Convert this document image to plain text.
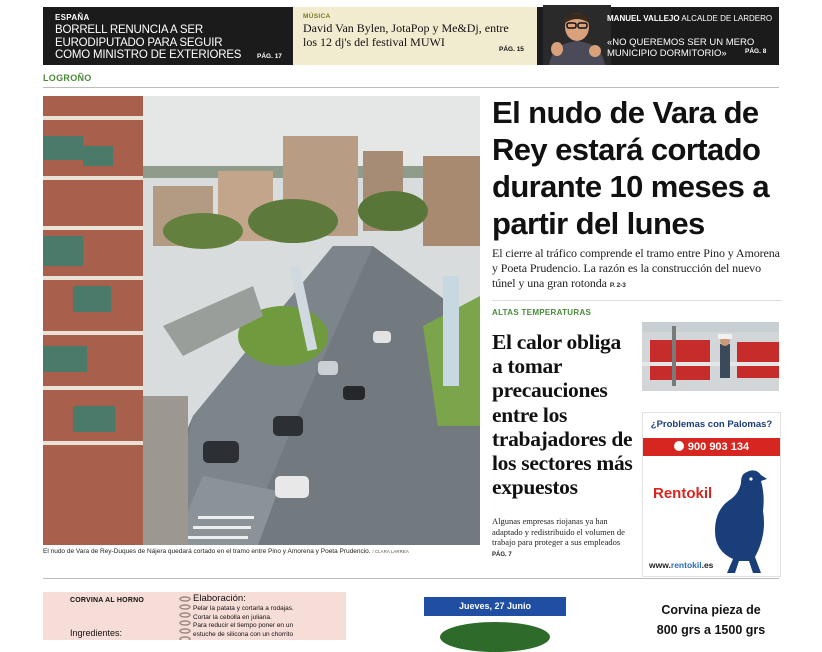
ESPAÑA
BORRELL RENUNCIA A SER EURODIPUTADO PARA SEGUIR COMO MINISTRO DE EXTERIORES	PÁG. 17
MÚSICA
David Van Bylen, JotaPop y Me&Dj, entre los 12 dj's del festival MUWI
PÁG. 15
MANUEL VALLEJO ALCALDE DE LARDERO
«NO QUEREMOS SER UN MERO MUNICIPIO DORMITORIO»	PÁG. 8
LOGROÑO
El nudo de Vara de Rey-Duques de Nájera quedará cortado en el tramo entre Pino y Amorena y Poeta Prudencio. / CLARA LARREA
El nudo de Vara de Rey estará cortado durante 10 meses a partir del lunes
El cierre al tráfico comprende el tramo entre Pino y Amorena y Poeta Prudencio. La razón es la construcción del nuevo túnel y una gran rotonda P. 2-3
ALTAS TEMPERATURAS
El calor obliga a tomar precauciones entre los trabajadores de los sectores más expuestos
Algunas empresas riojanas ya han adaptado y redistribuido el volumen de trabajo para proteger a sus empleados PÁG. 7
¿Problemas con Palomas?
900 903 134
Rentokil
www.rentokil.es
CORVINA AL HORNO
Ingredientes:
Elaboración:
Pelar la patata y cortarla a rodajas.
Cortar la cebolla en juliana.
Para reducir el tiempo poner en un
estuche de silicona con un chorrito
Jueves, 27 Junio	Corvina pieza de
800 grs a 1500 grs
